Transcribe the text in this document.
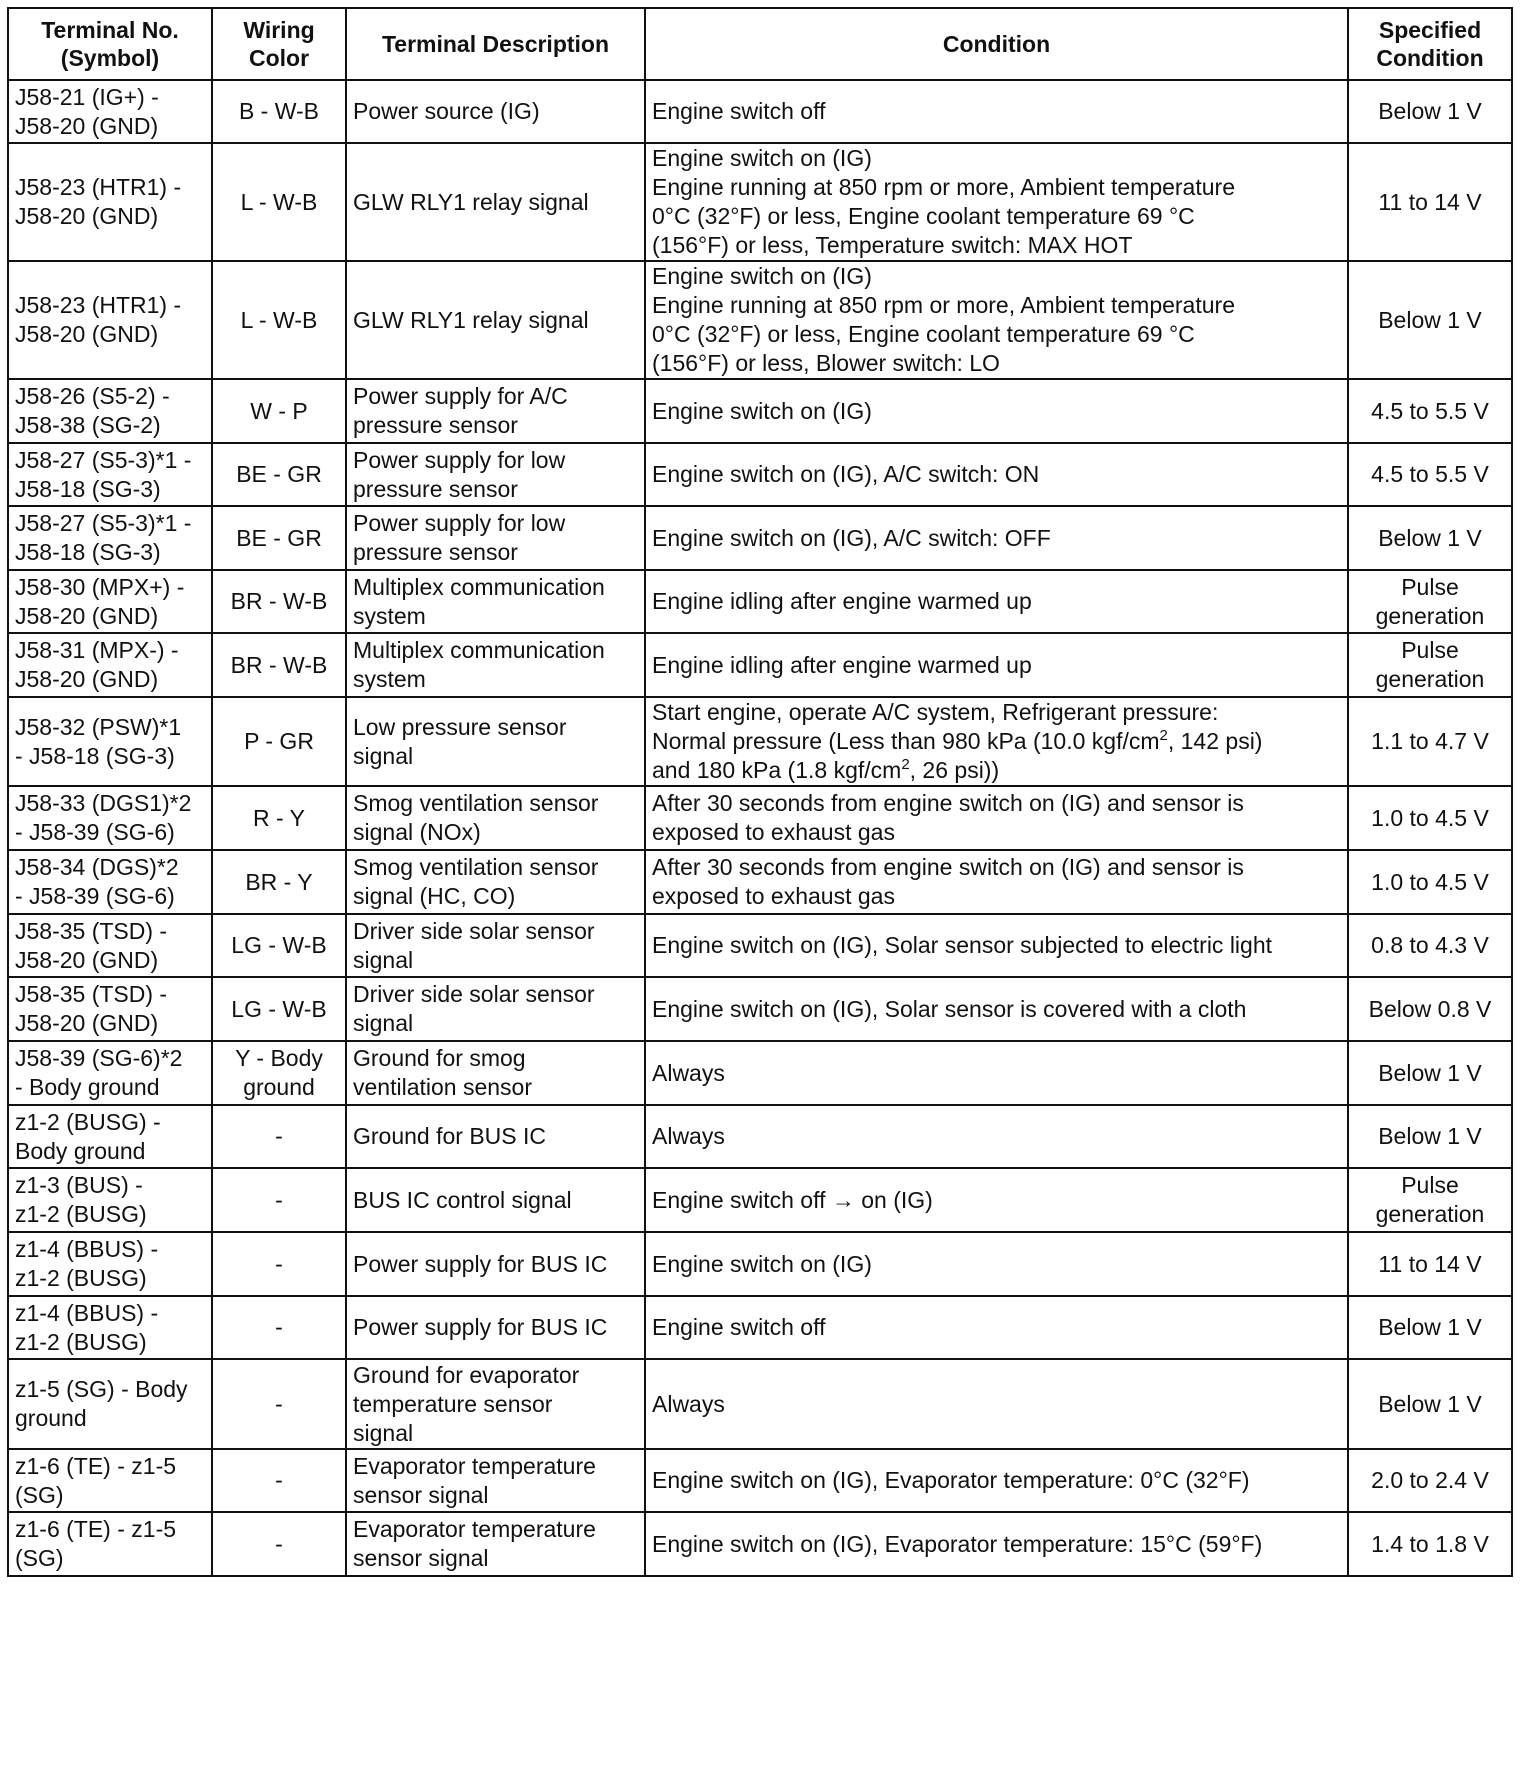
Terminal No.
(Symbol)	Wiring
Color	Terminal Description	Condition	Specified
Condition
J58-21 (IG+) -
J58-20 (GND)	B - W-B	Power source (IG)	Engine switch off	Below 1 V
J58-23 (HTR1) -
J58-20 (GND)	L - W-B	GLW RLY1 relay signal	Engine switch on (IG)
Engine running at 850 rpm or more, Ambient temperature
0°C (32°F) or less, Engine coolant temperature 69 °C
(156°F) or less, Temperature switch: MAX HOT	11 to 14 V
J58-23 (HTR1) -
J58-20 (GND)	L - W-B	GLW RLY1 relay signal	Engine switch on (IG)
Engine running at 850 rpm or more, Ambient temperature
0°C (32°F) or less, Engine coolant temperature 69 °C
(156°F) or less, Blower switch: LO	Below 1 V
J58-26 (S5-2) -
J58-38 (SG-2)	W - P	Power supply for A/C
pressure sensor	Engine switch on (IG)	4.5 to 5.5 V
J58-27 (S5-3)*1 -
J58-18 (SG-3)	BE - GR	Power supply for low
pressure sensor	Engine switch on (IG), A/C switch: ON	4.5 to 5.5 V
J58-27 (S5-3)*1 -
J58-18 (SG-3)	BE - GR	Power supply for low
pressure sensor	Engine switch on (IG), A/C switch: OFF	Below 1 V
J58-30 (MPX+) -
J58-20 (GND)	BR - W-B	Multiplex communication
system	Engine idling after engine warmed up	Pulse
generation
J58-31 (MPX-) -
J58-20 (GND)	BR - W-B	Multiplex communication
system	Engine idling after engine warmed up	Pulse
generation
J58-32 (PSW)*1
- J58-18 (SG-3)	P - GR	Low pressure sensor
signal	Start engine, operate A/C system, Refrigerant pressure:
Normal pressure (Less than 980 kPa (10.0 kgf/$cm^2$, 142 psi)
and 180 kPa (1.8 kgf/$cm^2$, 26 psi))	1.1 to 4.7 V
J58-33 (DGS1)*2
- J58-39 (SG-6)	R - Y	Smog ventilation sensor
signal (NOx)	After 30 seconds from engine switch on (IG) and sensor is
exposed to exhaust gas	1.0 to 4.5 V
J58-34 (DGS)*2
- J58-39 (SG-6)	BR - Y	Smog ventilation sensor
signal (HC, CO)	After 30 seconds from engine switch on (IG) and sensor is
exposed to exhaust gas	1.0 to 4.5 V
J58-35 (TSD) -
J58-20 (GND)	LG - W-B	Driver side solar sensor
signal	Engine switch on (IG), Solar sensor subjected to electric light	0.8 to 4.3 V
J58-35 (TSD) -
J58-20 (GND)	LG - W-B	Driver side solar sensor
signal	Engine switch on (IG), Solar sensor is covered with a cloth	Below 0.8 V
J58-39 (SG-6)*2
- Body ground	Y - Body
ground	Ground for smog
ventilation sensor	Always	Below 1 V
z1-2 (BUSG) -
Body ground	-	Ground for BUS IC	Always	Below 1 V
z1-3 (BUS) -
z1-2 (BUSG)	-	BUS IC control signal	Engine switch off → on (IG)	Pulse
generation
z1-4 (BBUS) -
z1-2 (BUSG)	-	Power supply for BUS IC	Engine switch on (IG)	11 to 14 V
z1-4 (BBUS) -
z1-2 (BUSG)	-	Power supply for BUS IC	Engine switch off	Below 1 V
z1-5 (SG) - Body
ground	-	Ground for evaporator
temperature sensor
signal	Always	Below 1 V
z1-6 (TE) - z1-5
(SG)	-	Evaporator temperature
sensor signal	Engine switch on (IG), Evaporator temperature: 0°C (32°F)	2.0 to 2.4 V
z1-6 (TE) - z1-5
(SG)	-	Evaporator temperature
sensor signal	Engine switch on (IG), Evaporator temperature: 15°C (59°F)	1.4 to 1.8 V
